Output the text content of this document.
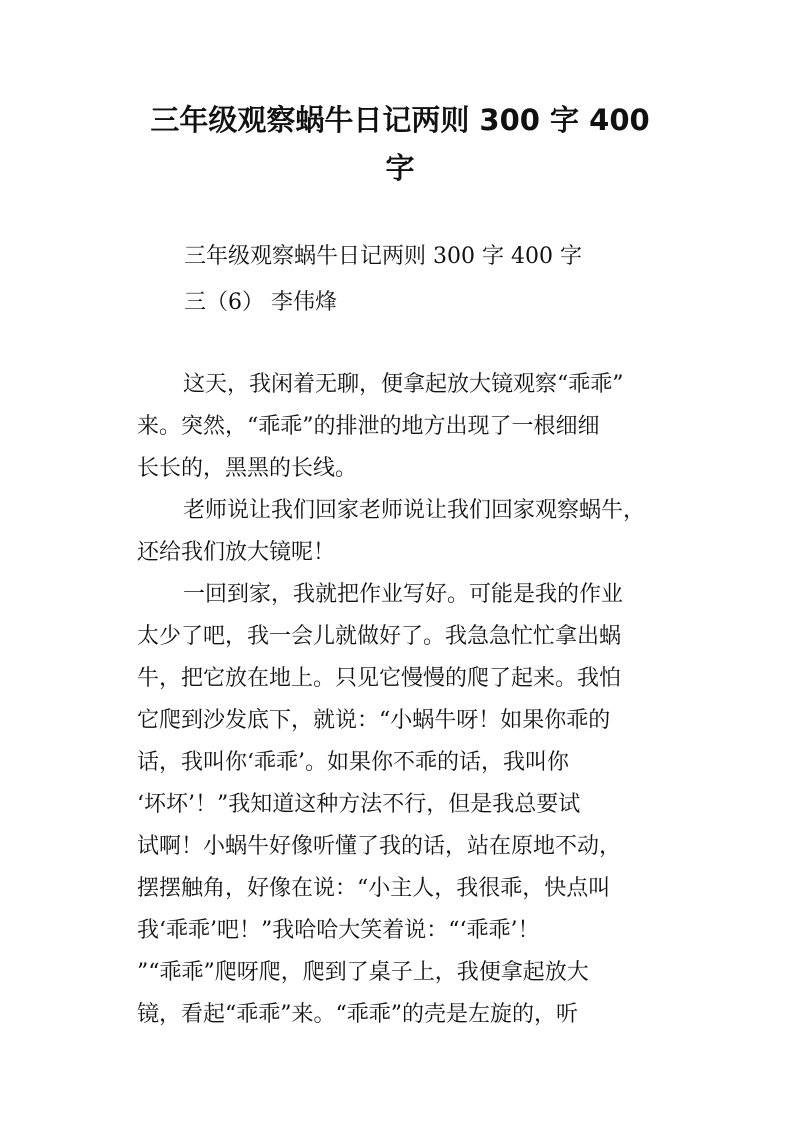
三年级观察蜗牛日记两则 300 字 400
字
三年级观察蜗牛日记两则 300 字 400 字
三（6） 李伟烽
这天，我闲着无聊，便拿起放大镜观察“乖乖”
来。突然，“乖乖”的排泄的地方出现了一根细细
长长的，黑黑的长线。
老师说让我们回家老师说让我们回家观察蜗牛，
还给我们放大镜呢！
一回到家，我就把作业写好。可能是我的作业
太少了吧，我一会儿就做好了。我急急忙忙拿出蜗
牛，把它放在地上。只见它慢慢的爬了起来。我怕
它爬到沙发底下，就说：“小蜗牛呀！如果你乖的
话，我叫你‘乖乖’。如果你不乖的话，我叫你
‘坏坏’！”我知道这种方法不行，但是我总要试
试啊！小蜗牛好像听懂了我的话，站在原地不动，
摆摆触角，好像在说：“小主人，我很乖，快点叫
我‘乖乖’吧！”我哈哈大笑着说：“‘乖乖’！
”“乖乖”爬呀爬，爬到了桌子上，我便拿起放大
镜，看起“乖乖”来。“乖乖”的壳是左旋的，听
